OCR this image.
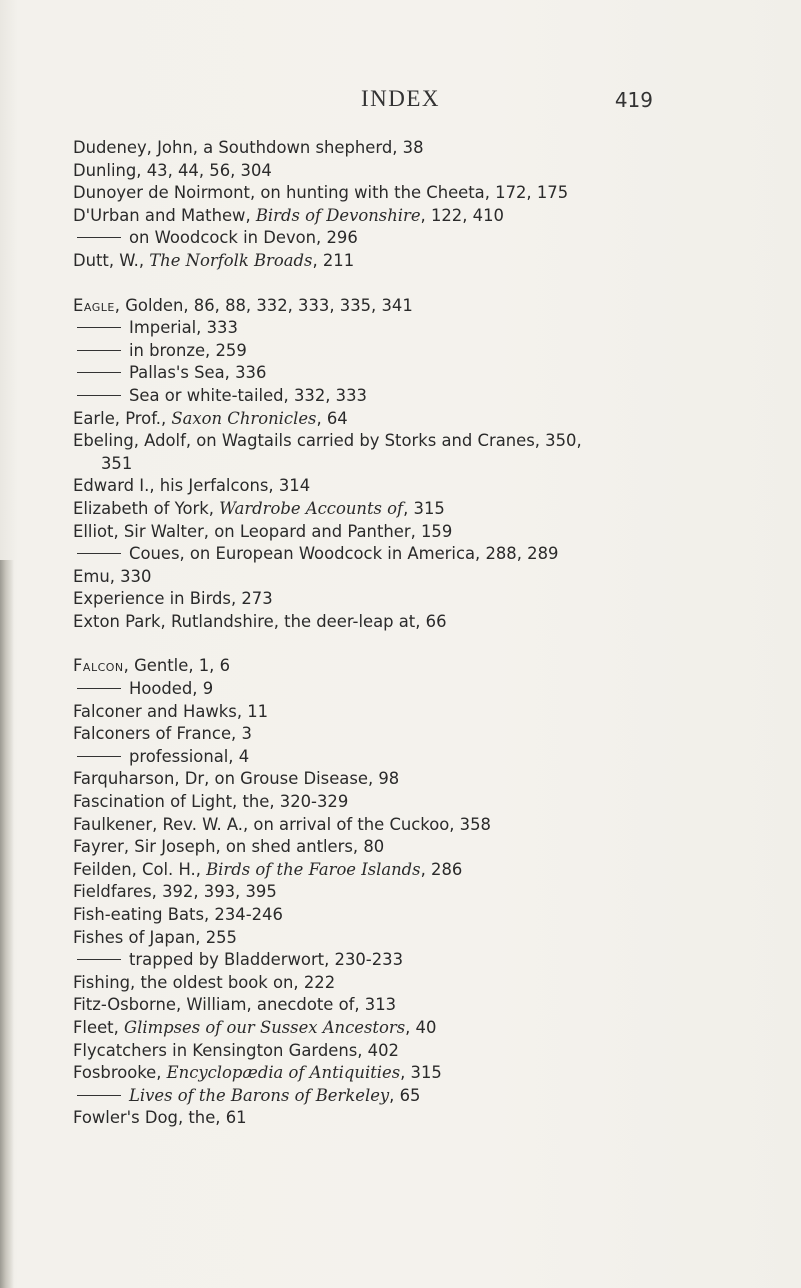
INDEX	419
Dudeney, John, a Southdown shepherd, 38
Dunling, 43, 44, 56, 304
Dunoyer de Noirmont, on hunting with the Cheeta, 172, 175
D'Urban and Mathew, Birds of Devonshire, 122, 410
on Woodcock in Devon, 296
Dutt, W., The Norfolk Broads, 211
Eagle, Golden, 86, 88, 332, 333, 335, 341
Imperial, 333
in bronze, 259
Pallas's Sea, 336
Sea or white-tailed, 332, 333
Earle, Prof., Saxon Chronicles, 64
Ebeling, Adolf, on Wagtails carried by Storks and Cranes, 350,
351
Edward I., his Jerfalcons, 314
Elizabeth of York, Wardrobe Accounts of, 315
Elliot, Sir Walter, on Leopard and Panther, 159
Coues, on European Woodcock in America, 288, 289
Emu, 330
Experience in Birds, 273
Exton Park, Rutlandshire, the deer-leap at, 66
Falcon, Gentle, 1, 6
Hooded, 9
Falconer and Hawks, 11
Falconers of France, 3
professional, 4
Farquharson, Dr, on Grouse Disease, 98
Fascination of Light, the, 320-329
Faulkener, Rev. W. A., on arrival of the Cuckoo, 358
Fayrer, Sir Joseph, on shed antlers, 80
Feilden, Col. H., Birds of the Faroe Islands, 286
Fieldfares, 392, 393, 395
Fish-eating Bats, 234-246
Fishes of Japan, 255
trapped by Bladderwort, 230-233
Fishing, the oldest book on, 222
Fitz-Osborne, William, anecdote of, 313
Fleet, Glimpses of our Sussex Ancestors, 40
Flycatchers in Kensington Gardens, 402
Fosbrooke, Encyclopædia of Antiquities, 315
Lives of the Barons of Berkeley, 65
Fowler's Dog, the, 61
